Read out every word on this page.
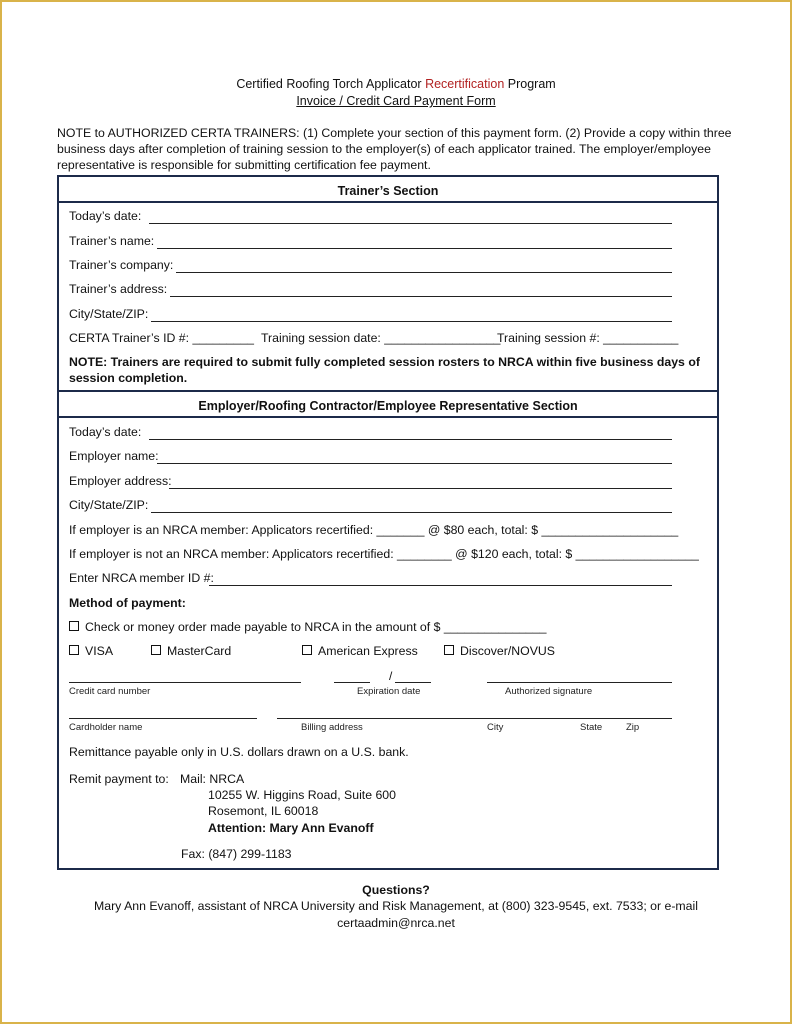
Certified Roofing Torch Applicator Recertification Program
Invoice / Credit Card Payment Form
NOTE to AUTHORIZED CERTA TRAINERS: (1) Complete your section of this payment form. (2) Provide a copy within three
business days after completion of training session to the employer(s) of each applicator trained. The employer/employee
representative is responsible for submitting certification fee payment.
Trainer’s Section
Today’s date:
Trainer’s name:
Trainer’s company:
Trainer’s address:
City/State/ZIP:
CERTA Trainer’s ID #: _________ Training session date: _________________
Training session #: ___________
NOTE: Trainers are required to submit fully completed session rosters to NRCA within five business days of
session completion.
Employer/Roofing Contractor/Employee Representative Section
Today’s date:
Employer name:
Employer address:
City/State/ZIP:
If employer is an NRCA member: Applicators recertified: _______ @ $80 each, total: $ ____________________
If employer is not an NRCA member: Applicators recertified: ________ @ $120 each, total: $ __________________
Enter NRCA member ID #:
Method of payment:
Check or money order made payable to NRCA in the amount of $ _______________
VISA	MasterCard	American Express	Discover/NOVUS
/
Credit card number	Expiration date	Authorized signature
Cardholder name	Billing address	City	State	Zip
Remittance payable only in U.S. dollars drawn on a U.S. bank.
Remit payment to: Mail: NRCA
10255 W. Higgins Road, Suite 600
Rosemont, IL 60018
Attention: Mary Ann Evanoff
Fax: (847) 299-1183
Questions?
Mary Ann Evanoff, assistant of NRCA University and Risk Management, at (800) 323-9545, ext. 7533; or e-mail
certaadmin@nrca.net
